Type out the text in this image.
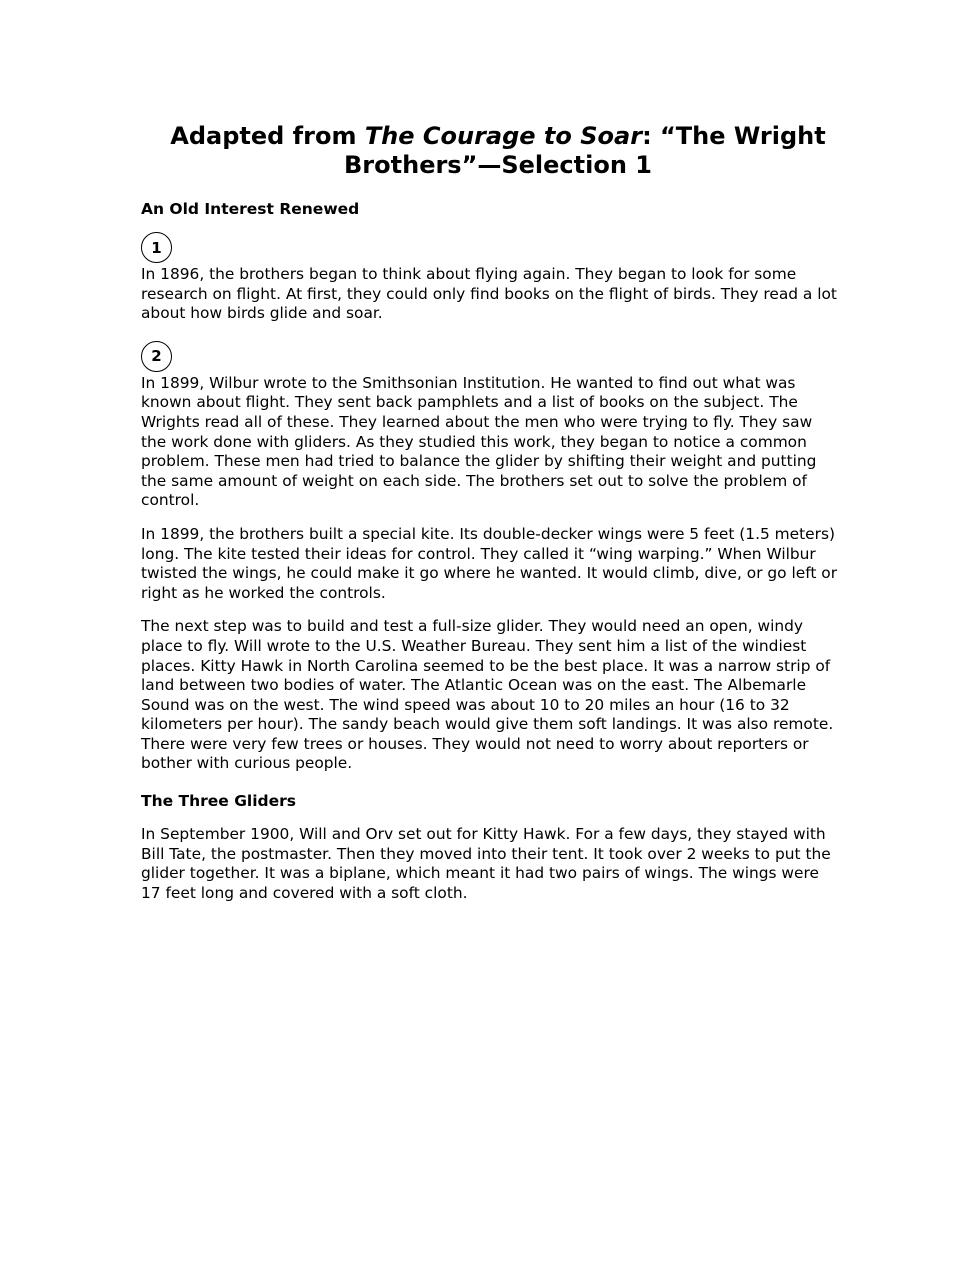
Adapted from The Courage to Soar: “The Wright Brothers”—Selection 1
An Old Interest Renewed
1

In 1896, the brothers began to think about flying again. They began to look for some research on flight. At first, they could only find books on the flight of birds. They read a lot about how birds glide and soar.

2

In 1899, Wilbur wrote to the Smithsonian Institution. He wanted to find out what was known about flight. They sent back pamphlets and a list of books on the subject. The Wrights read all of these. They learned about the men who were trying to fly. They saw the work done with gliders. As they studied this work, they began to notice a common problem. These men had tried to balance the glider by shifting their weight and putting the same amount of weight on each side. The brothers set out to solve the problem of control.

In 1899, the brothers built a special kite. Its double-decker wings were 5 feet (1.5 meters) long. The kite tested their ideas for control. They called it “wing warping.” When Wilbur twisted the wings, he could make it go where he wanted. It would climb, dive, or go left or right as he worked the controls.

The next step was to build and test a full-size glider. They would need an open, windy place to fly. Will wrote to the U.S. Weather Bureau. They sent him a list of the windiest places. Kitty Hawk in North Carolina seemed to be the best place. It was a narrow strip of land between two bodies of water. The Atlantic Ocean was on the east. The Albemarle Sound was on the west. The wind speed was about 10 to 20 miles an hour (16 to 32 kilometers per hour). The sandy beach would give them soft landings. It was also remote. There were very few trees or houses. They would not need to worry about reporters or bother with curious people.

The Three Gliders

In September 1900, Will and Orv set out for Kitty Hawk. For a few days, they stayed with Bill Tate, the postmaster. Then they moved into their tent. It took over 2 weeks to put the glider together. It was a biplane, which meant it had two pairs of wings. The wings were 17 feet long and covered with a soft cloth.
